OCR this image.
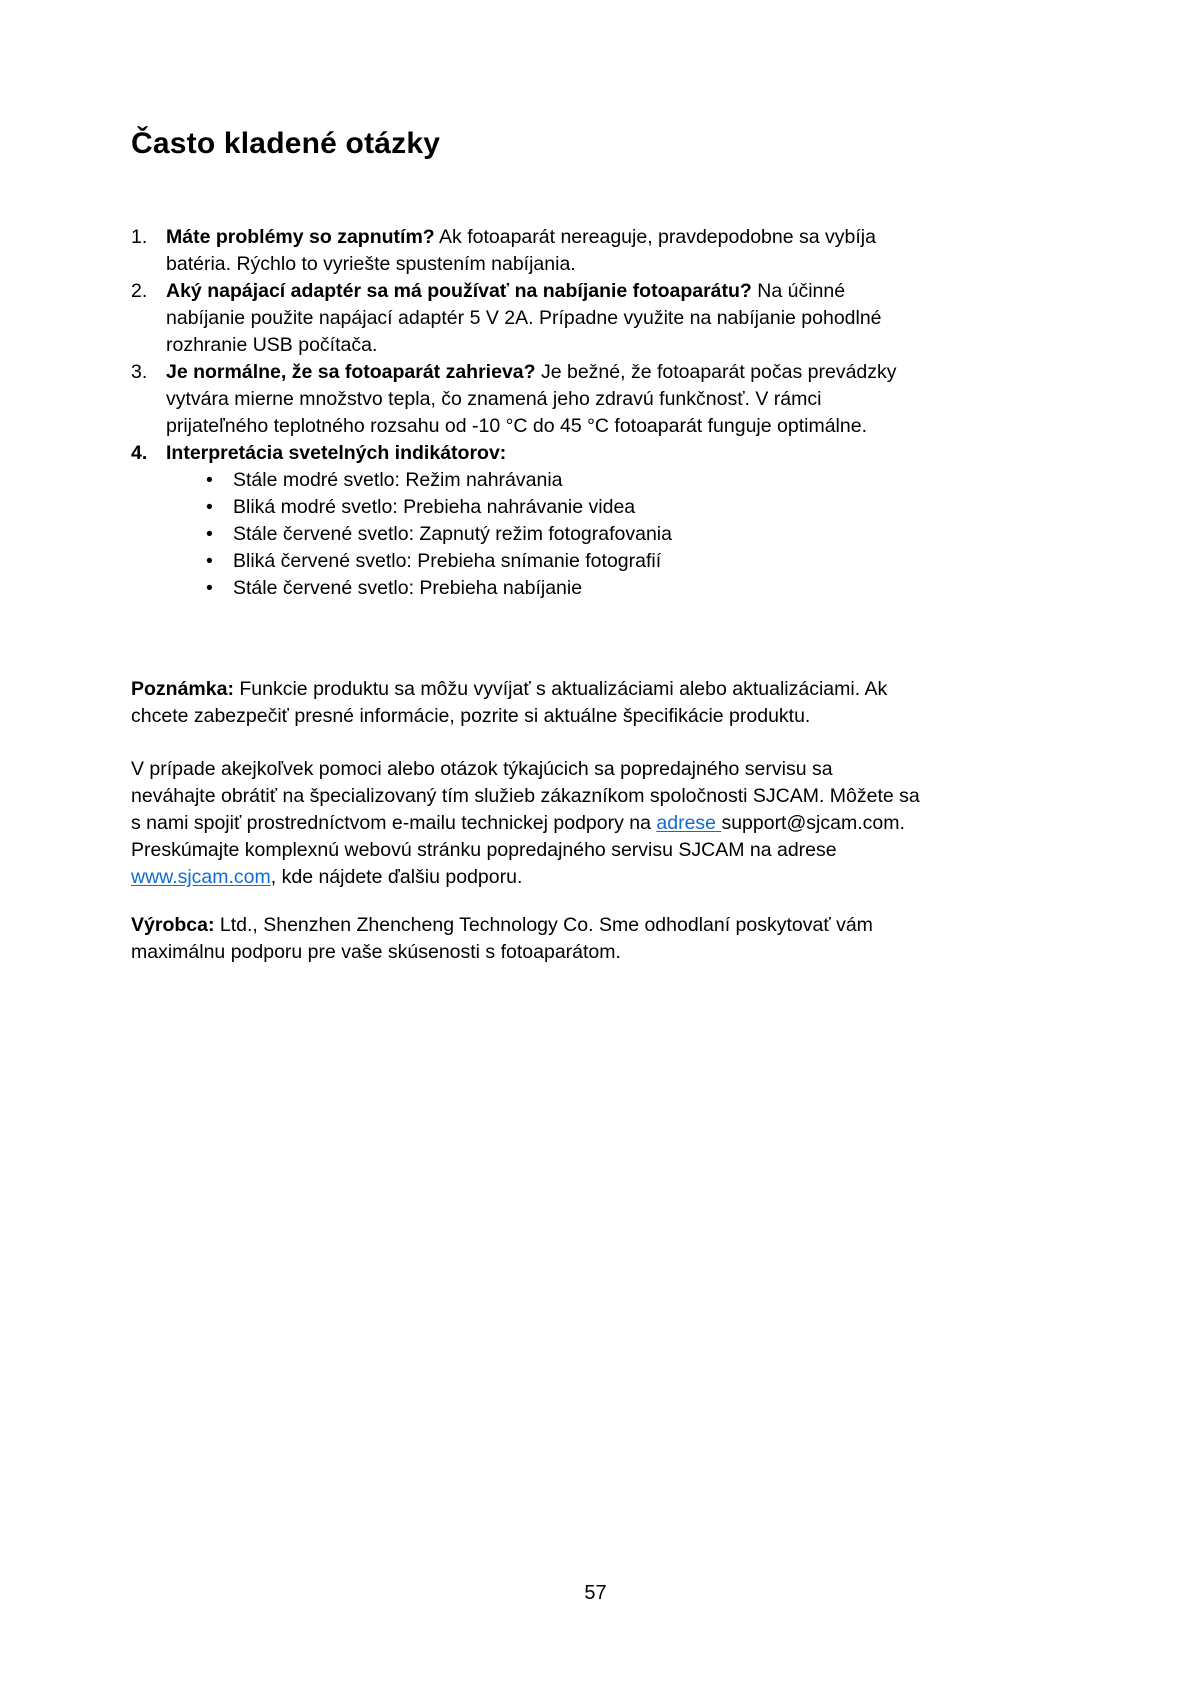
Často kladené otázky
1. Máte problémy so zapnutím? Ak fotoaparát nereaguje, pravdepodobne sa vybíja
batéria. Rýchlo to vyriešte spustením nabíjania.
2. Aký napájací adaptér sa má používať na nabíjanie fotoaparátu? Na účinné
nabíjanie použite napájací adaptér 5 V 2A. Prípadne využite na nabíjanie pohodlné
rozhranie USB počítača.
3. Je normálne, že sa fotoaparát zahrieva? Je bežné, že fotoaparát počas prevádzky
vytvára mierne množstvo tepla, čo znamená jeho zdravú funkčnosť. V rámci
prijateľného teplotného rozsahu od -10 °C do 45 °C fotoaparát funguje optimálne.
4. Interpretácia svetelných indikátorov:
•	Stále modré svetlo: Režim nahrávania
•	Bliká modré svetlo: Prebieha nahrávanie videa
•	Stále červené svetlo: Zapnutý režim fotografovania
•	Bliká červené svetlo: Prebieha snímanie fotografií
•	Stále červené svetlo: Prebieha nabíjanie
Poznámka: Funkcie produktu sa môžu vyvíjať s aktualizáciami alebo aktualizáciami. Ak
chcete zabezpečiť presné informácie, pozrite si aktuálne špecifikácie produktu.
V prípade akejkoľvek pomoci alebo otázok týkajúcich sa popredajného servisu sa
neváhajte obrátiť na špecializovaný tím služieb zákazníkom spoločnosti SJCAM. Môžete sa
s nami spojiť prostredníctvom e-mailu technickej podpory na adrese support@sjcam.com.
Preskúmajte komplexnú webovú stránku popredajného servisu SJCAM na adrese
www.sjcam.com, kde nájdete ďalšiu podporu.
Výrobca: Ltd., Shenzhen Zhencheng Technology Co. Sme odhodlaní poskytovať vám
maximálnu podporu pre vaše skúsenosti s fotoaparátom.
57
